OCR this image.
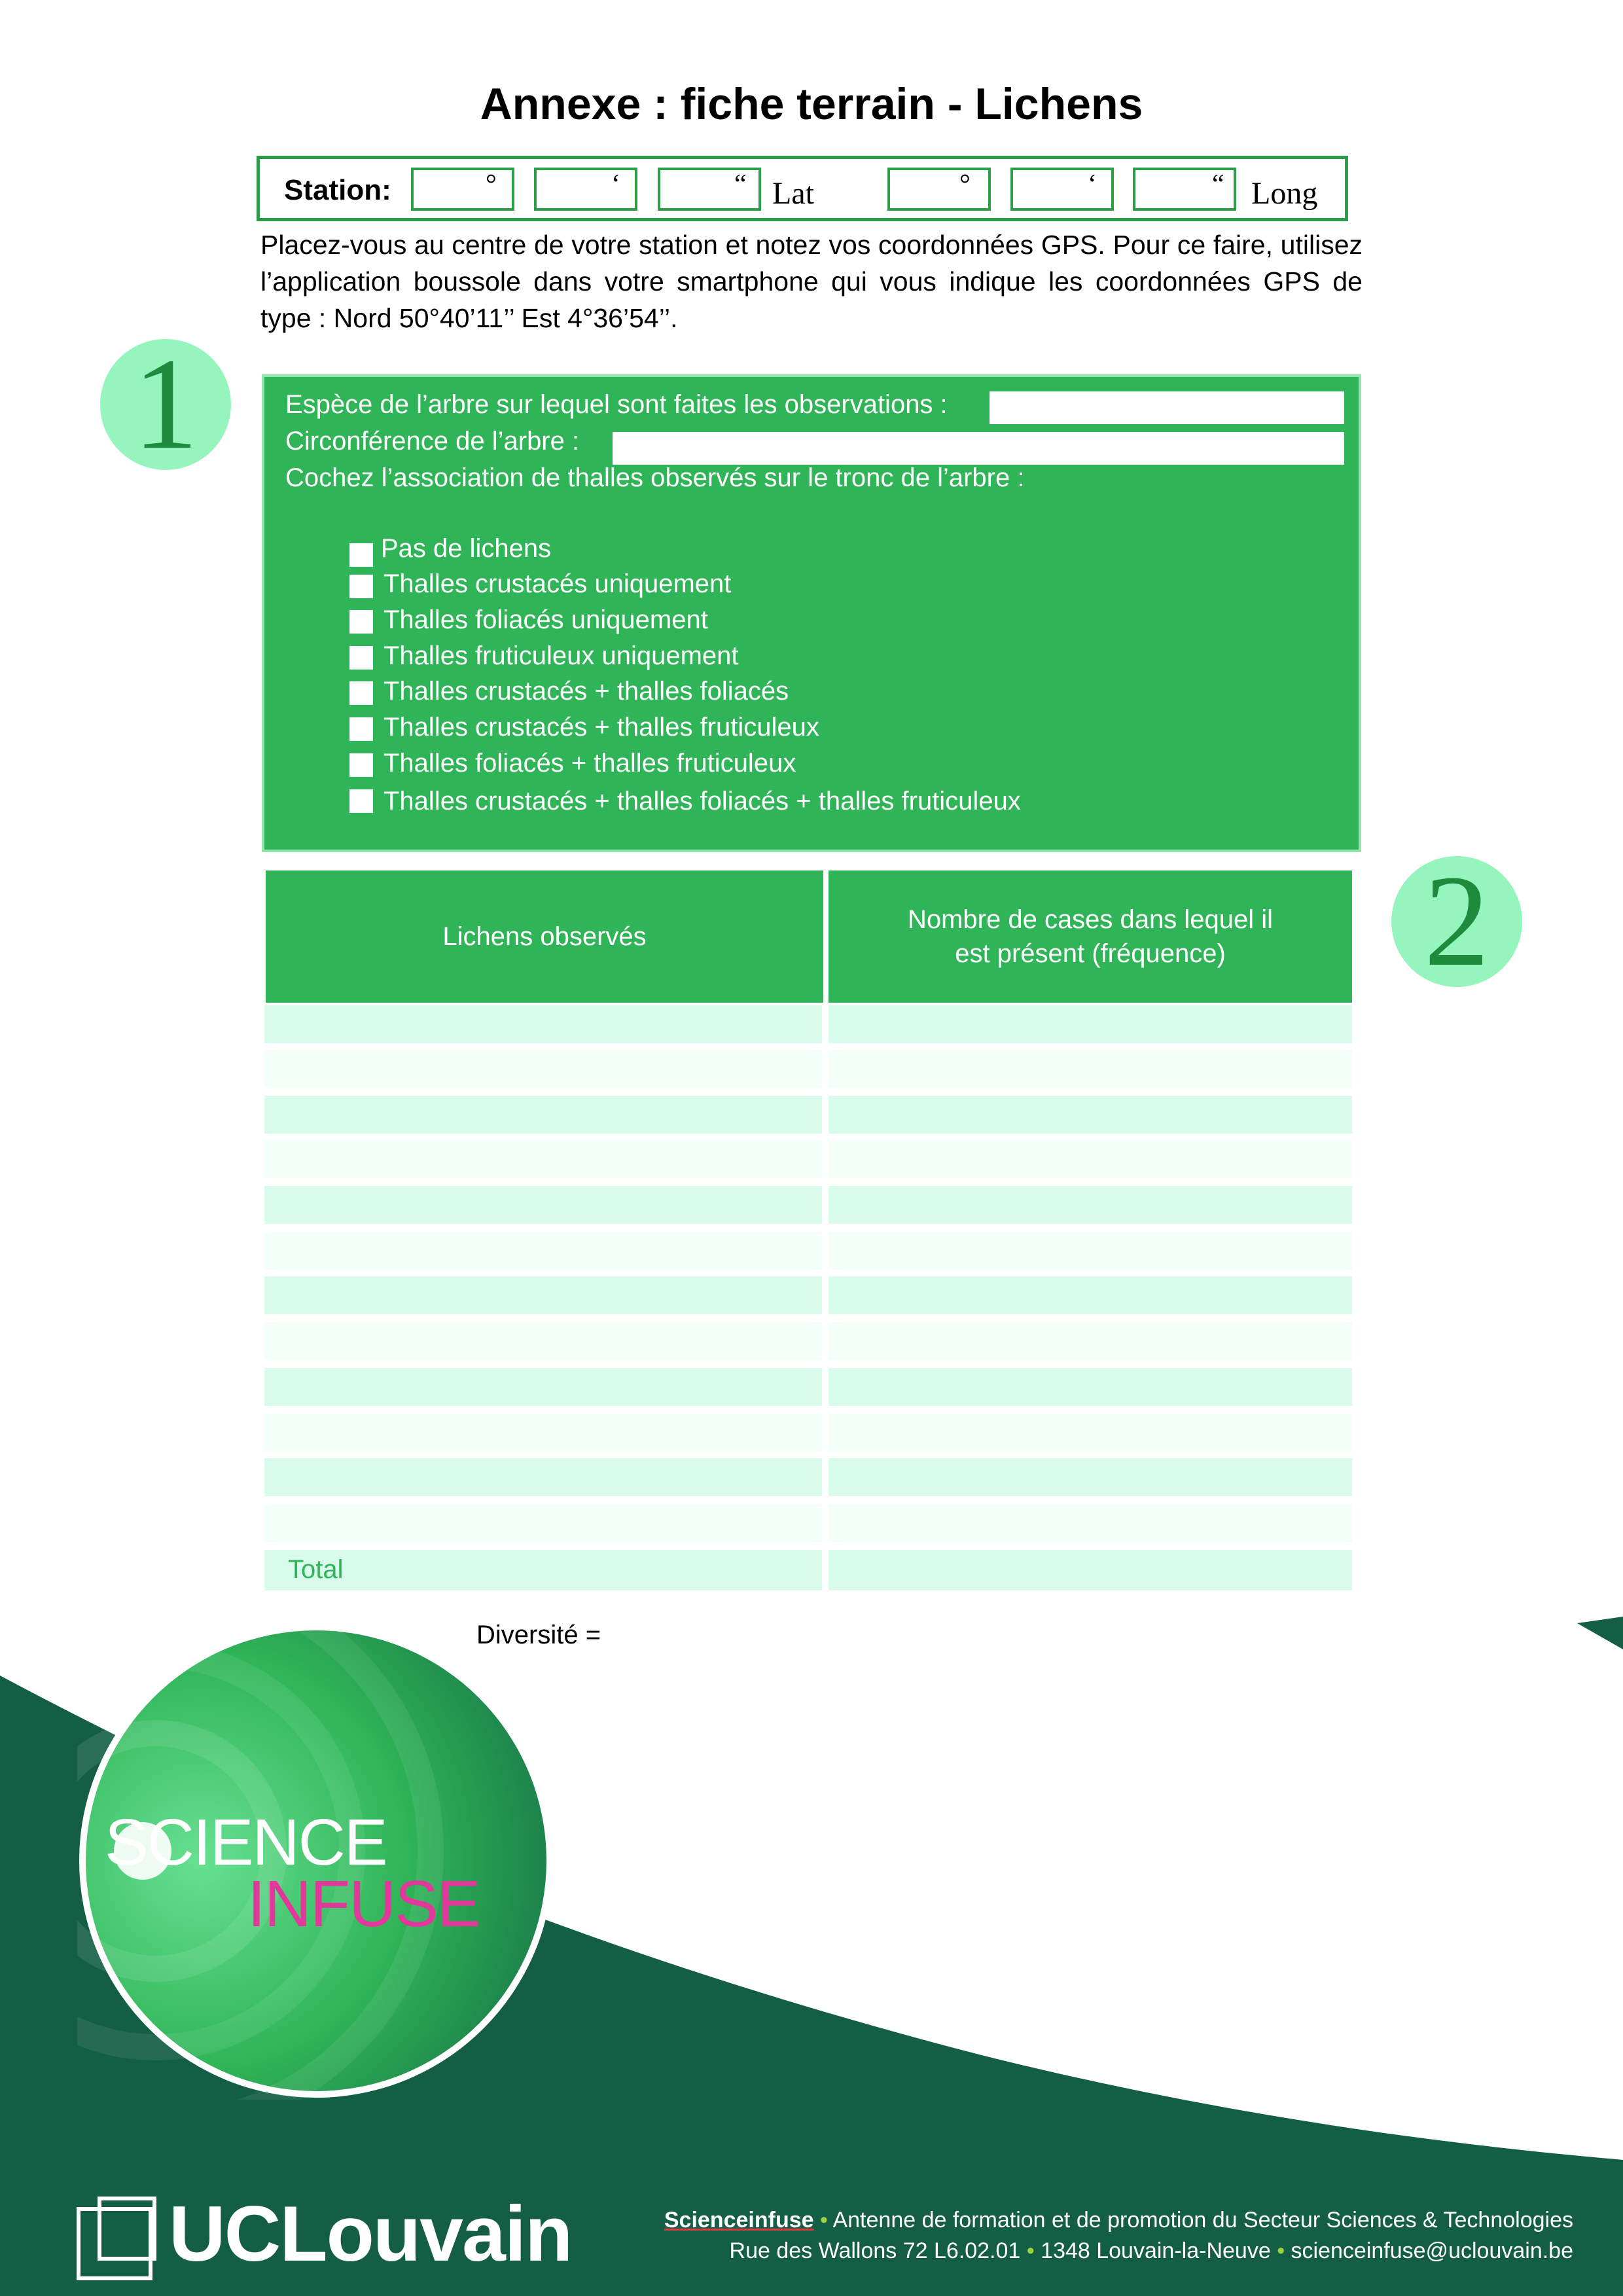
Annexe : fiche terrain - Lichens
Station:	°	‘	“ Lat	°	‘	“ Long
Placez-vous au centre de votre station et notez vos coordonnées GPS. Pour ce faire, utilisez l’application boussole dans votre smartphone qui vous indique les coordonnées GPS de type : Nord 50°40’11’’ Est 4°36’54’’.
1
2
Espèce de l’arbre sur lequel sont faites les observations :
Circonférence de l’arbre :
Cochez l’association de thalles observés sur le tronc de l’arbre :
Pas de lichens
Thalles crustacés uniquement
Thalles foliacés uniquement
Thalles fruticuleux uniquement
Thalles crustacés + thalles foliacés
Thalles crustacés + thalles fruticuleux
Thalles foliacés + thalles fruticuleux
Thalles crustacés + thalles foliacés + thalles fruticuleux
Lichens observés
Nombre de cases dans lequel il est présent (fréquence)
Total
Diversité =
SCIENCE
INFUSE
UCLouvain	Scienceinfuse • Antenne de formation et de promotion du Secteur Sciences & Technologies
Rue des Wallons 72 L6.02.01 • 1348 Louvain-la-Neuve • scienceinfuse@uclouvain.be
